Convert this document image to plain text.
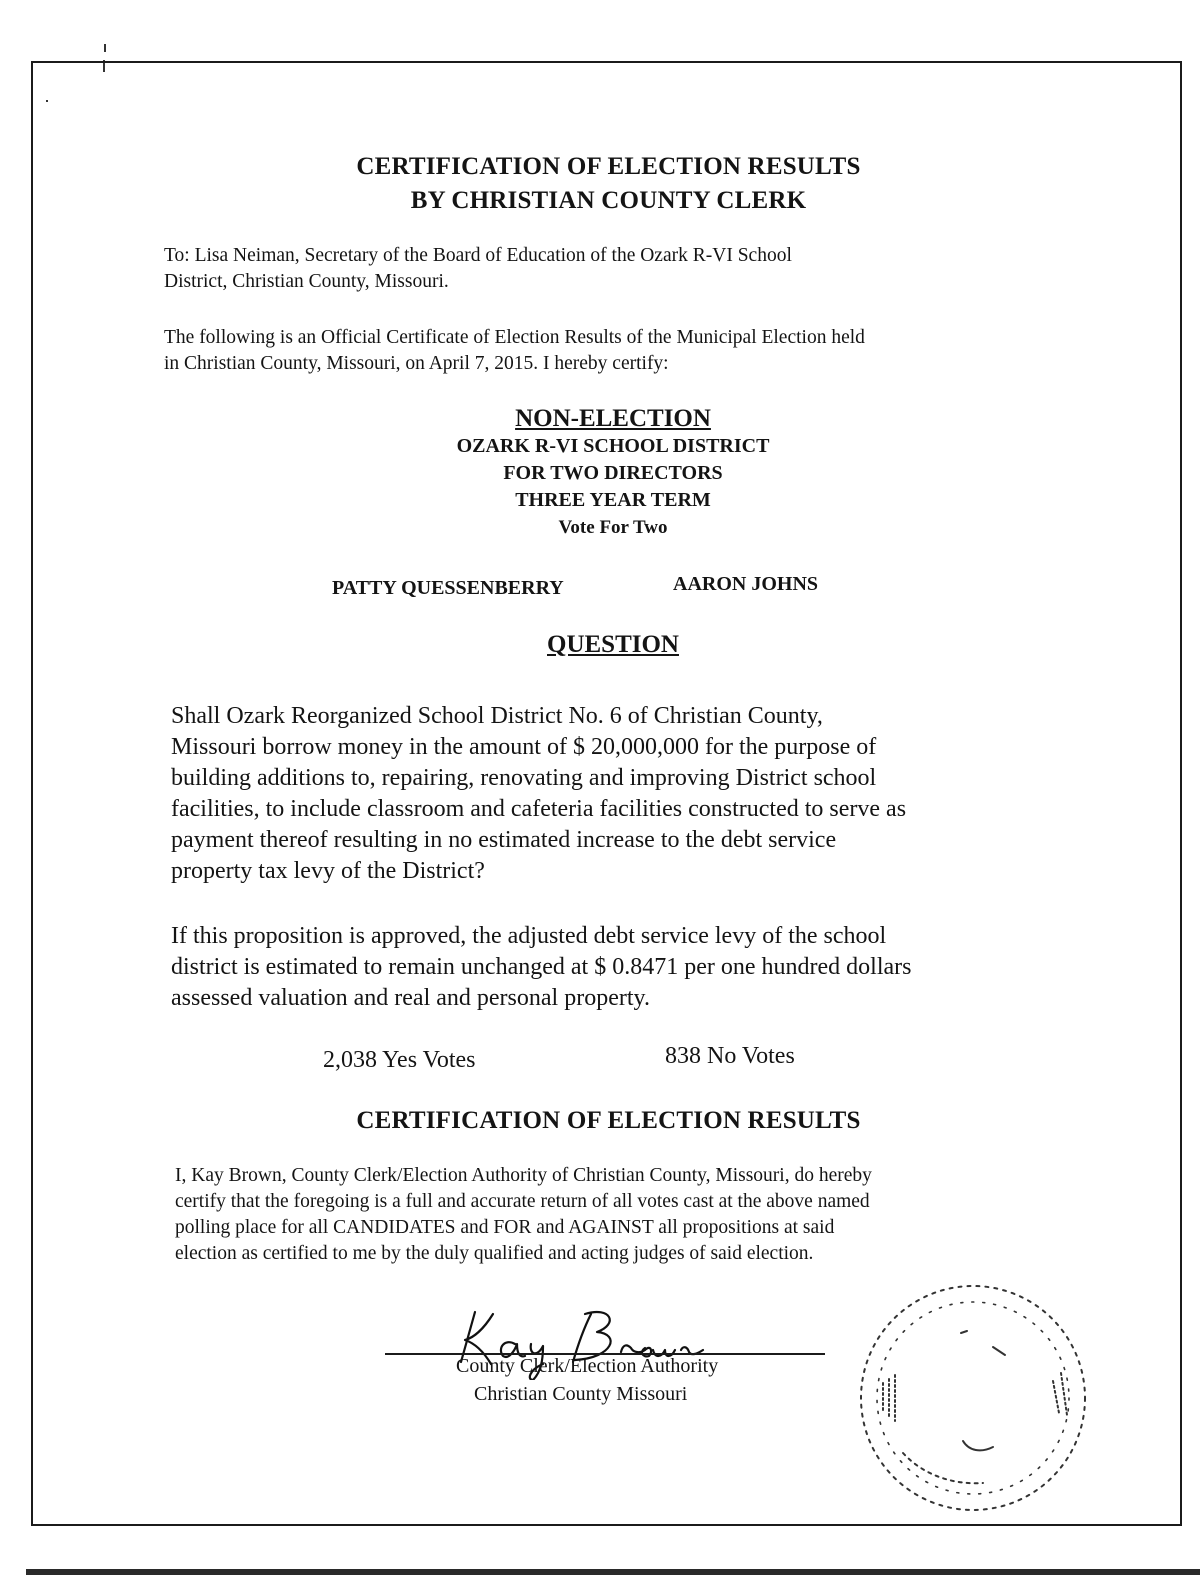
CERTIFICATION OF ELECTION RESULTS
BY CHRISTIAN COUNTY CLERK

To: Lisa Neiman, Secretary of the Board of Education of the Ozark R-VI School

District, Christian County, Missouri.

The following is an Official Certificate of Election Results of the Municipal Election held

in Christian County, Missouri, on April 7, 2015. I hereby certify:

NON-ELECTION
OZARK R-VI SCHOOL DISTRICT
FOR TWO DIRECTORS
THREE YEAR TERM
Vote For Two
PATTY QUESSENBERRY	AARON JOHNS
QUESTION

Shall Ozark Reorganized School District No. 6 of Christian County,

Missouri borrow money in the amount of $ 20,000,000 for the purpose of

building additions to, repairing, renovating and improving District school

facilities, to include classroom and cafeteria facilities constructed to serve as

payment thereof resulting in no estimated increase to the debt service

property tax levy of the District?

If this proposition is approved, the adjusted debt service levy of the school

district is estimated to remain unchanged at $ 0.8471 per one hundred dollars

assessed valuation and real and personal property.

2,038 Yes Votes	838 No Votes
CERTIFICATION OF ELECTION RESULTS

I, Kay Brown, County Clerk/Election Authority of Christian County, Missouri, do hereby

certify that the foregoing is a full and accurate return of all votes cast at the above named

polling place for all CANDIDATES and FOR and AGAINST all propositions at said

election as certified to me by the duly qualified and acting judges of said election.

County Clerk/Election Authority
Christian County Missouri
